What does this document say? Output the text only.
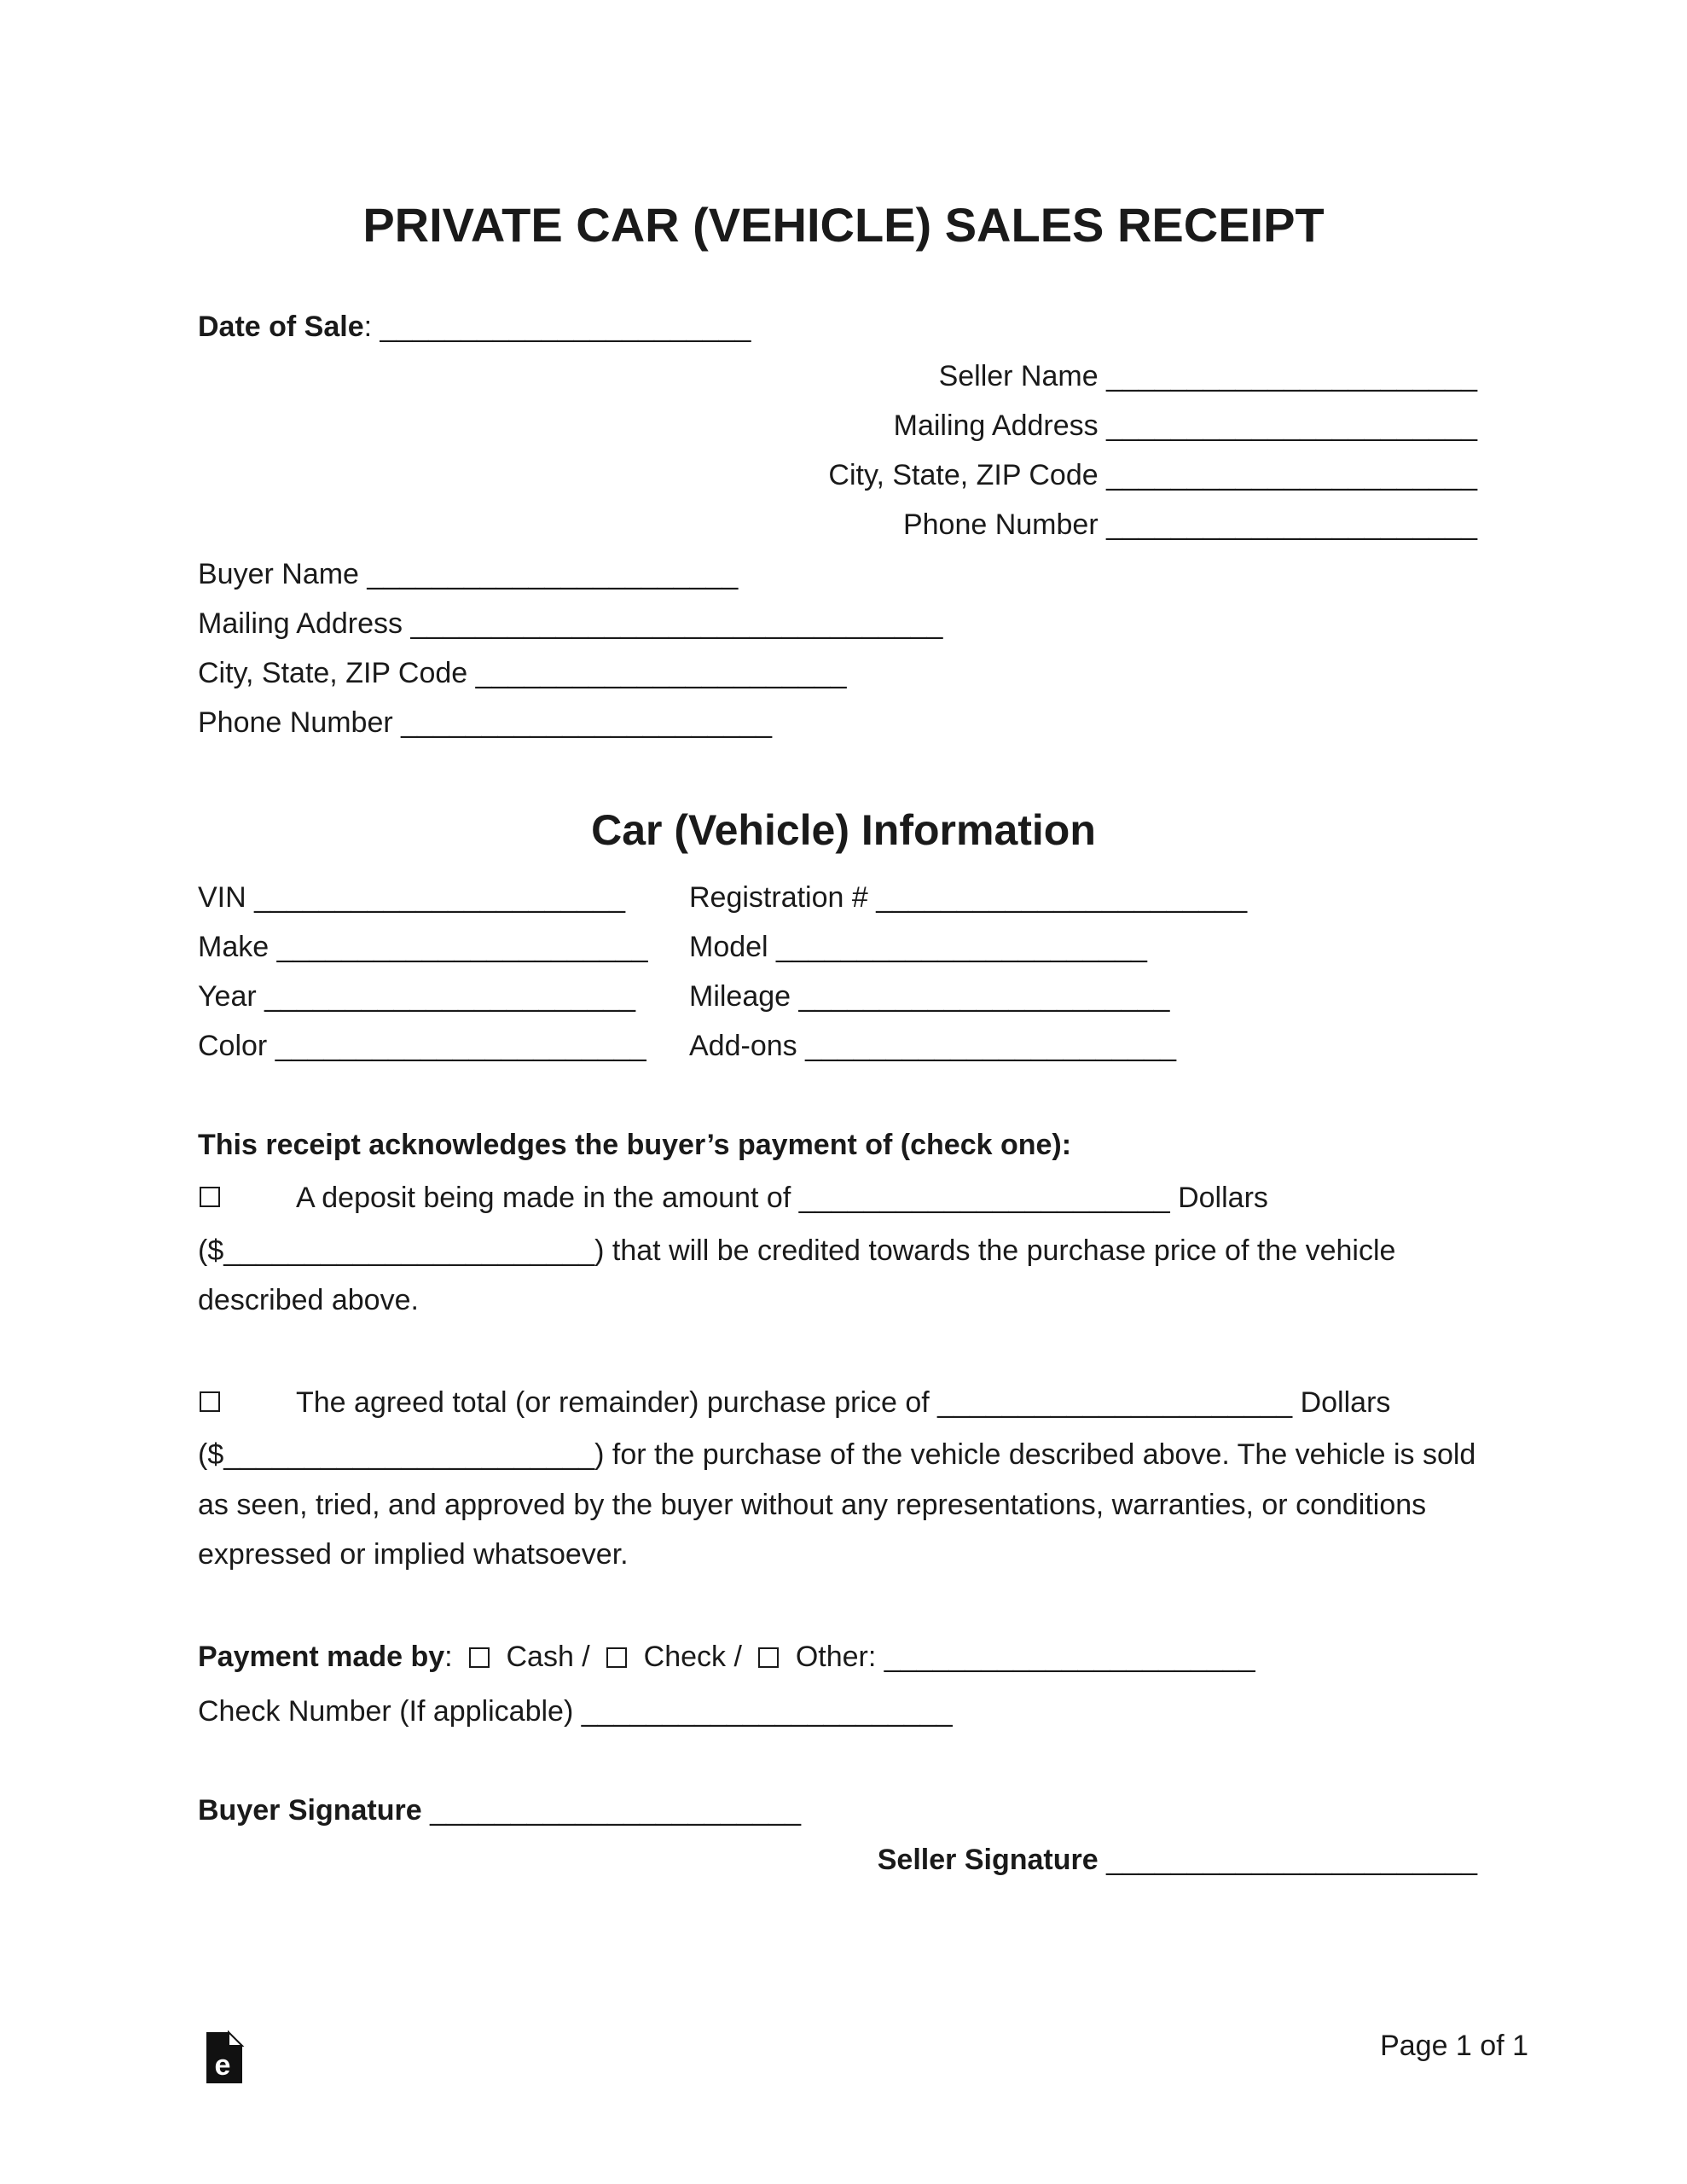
PRIVATE CAR (VEHICLE) SALES RECEIPT
Date of Sale: _______________________
Seller Name _______________________
Mailing Address _______________________
City, State, ZIP Code _______________________
Phone Number _______________________
Buyer Name _______________________
Mailing Address _________________________________
City, State, ZIP Code _______________________
Phone Number _______________________
Car (Vehicle) Information
VIN _______________________
Make _______________________
Year _______________________
Color _______________________
Registration # _______________________
Model _______________________
Mileage _______________________
Add-ons _______________________
This receipt acknowledges the buyer’s payment of (check one):
A deposit being made in the amount of _______________________ Dollars
($_______________________) that will be credited towards the purchase price of the vehicle
described above.
The agreed total (or remainder) purchase price of ______________________ Dollars
($_______________________) for the purchase of the vehicle described above. The vehicle is sold
as seen, tried, and approved by the buyer without any representations, warranties, or conditions
expressed or implied whatsoever.
Payment made by: Cash / Check / Other: _______________________
Check Number (If applicable) _______________________
Buyer Signature _______________________
Seller Signature _______________________
e
Page 1 of 1
